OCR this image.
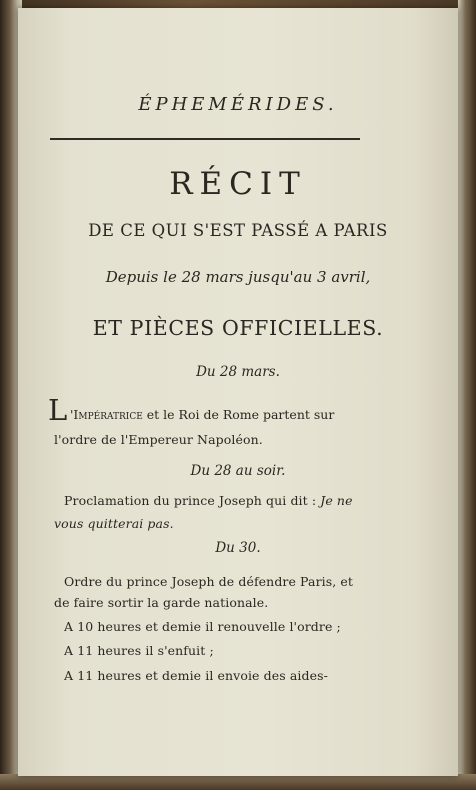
ÉPHEMÉRIDES.
RÉCIT
DE CE QUI S'EST PASSÉ A PARIS
Depuis le 28 mars jusqu'au 3 avril,
ET PIÈCES OFFICIELLES.
Du 28 mars.
L 'Impératrice et le Roi de Rome partent sur
l'ordre de l'Empereur Napoléon.
Du 28 au soir.
Proclamation du prince Joseph qui dit : Je ne
vous quitterai pas.
Du 30.
Ordre du prince Joseph de défendre Paris, et
de faire sortir la garde nationale.
A 10 heures et demie il renouvelle l'ordre ;
A 11 heures il s'enfuit ;
A 11 heures et demie il envoie des aides-
